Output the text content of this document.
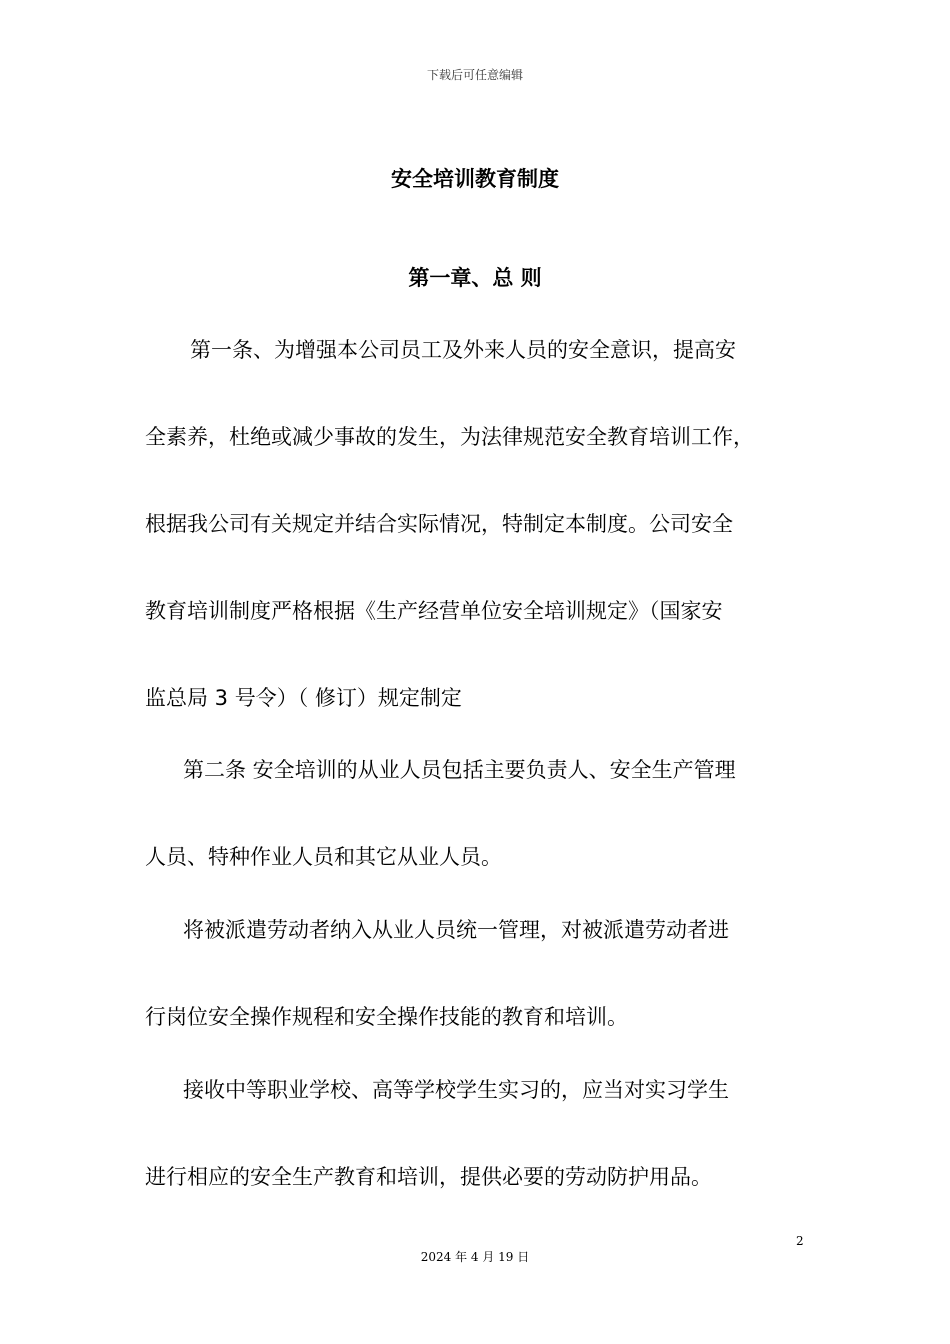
下载后可任意编辑
安全培训教育制度
第一章、总 则
第一条、为增强本公司员工及外来人员的安全意识，提高安
全素养，杜绝或减少事故的发生，为法律规范安全教育培训工作，
根据我公司有关规定并结合实际情况，特制定本制度。公司安全
教育培训制度严格根据《生产经营单位安全培训规定》（国家安
监总局 3 号令）（ 修订）规定制定
第二条 安全培训的从业人员包括主要负责人、安全生产管理
人员、特种作业人员和其它从业人员。
将被派遣劳动者纳入从业人员统一管理，对被派遣劳动者进
行岗位安全操作规程和安全操作技能的教育和培训。
接收中等职业学校、高等学校学生实习的，应当对实习学生
进行相应的安全生产教育和培训，提供必要的劳动防护用品。
2
2024 年 4 月 19 日
